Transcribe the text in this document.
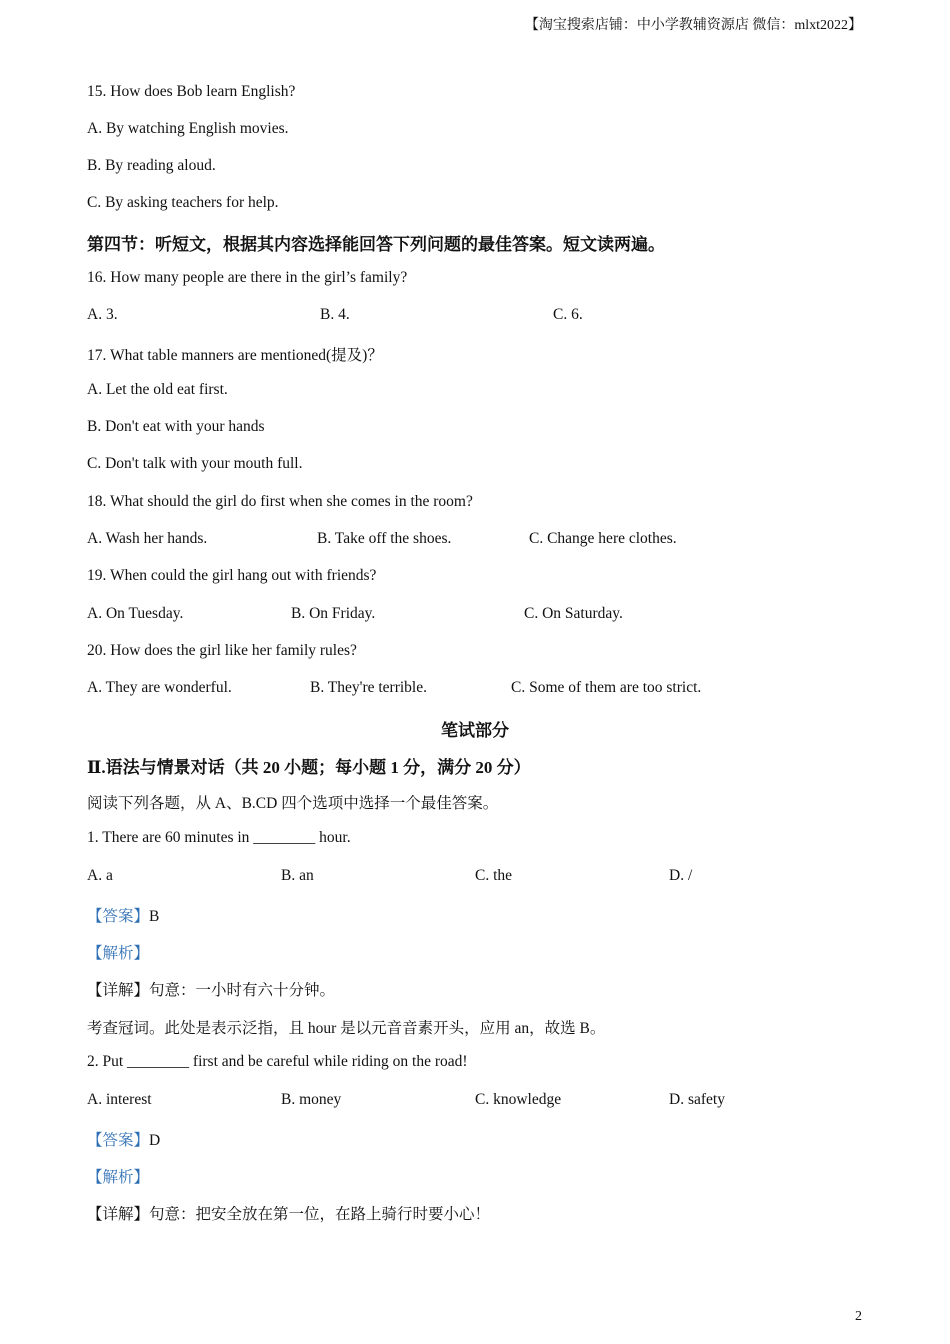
【淘宝搜索店铺：中小学教辅资源店 微信：mlxt2022】
15. How does Bob learn English?
A. By watching English movies.
B. By reading aloud.
C. By asking teachers for help.
第四节：听短文，根据其内容选择能回答下列问题的最佳答案。短文读两遍。
16. How many people are there in the girl’s family?
A. 3.	B. 4.	C. 6.
17. What table manners are mentioned(提及)？
A. Let the old eat first.
B. Don't eat with your hands
C. Don't talk with your mouth full.
18. What should the girl do first when she comes in the room?
A. Wash her hands.	B. Take off the shoes.	C. Change here clothes.
19. When could the girl hang out with friends?
A. On Tuesday.	B. On Friday.	C. On Saturday.
20. How does the girl like her family rules?
A. They are wonderful.	B. They're terrible.	C. Some of them are too strict.
笔试部分
Ⅱ.语法与情景对话（共 20 小题；每小题 1 分，满分 20 分）
阅读下列各题，从 A、B.CD 四个选项中选择一个最佳答案。
1. There are 60 minutes in ________ hour.
A. a	B. an	C. the	D. /
【答案】B
【解析】
【详解】句意：一小时有六十分钟。
考查冠词。此处是表示泛指，且 hour 是以元音音素开头，应用 an，故选 B。
2. Put ________ first and be careful while riding on the road!
A. interest	B. money	C. knowledge	D. safety
【答案】D
【解析】
【详解】句意：把安全放在第一位，在路上骑行时要小心！
2
